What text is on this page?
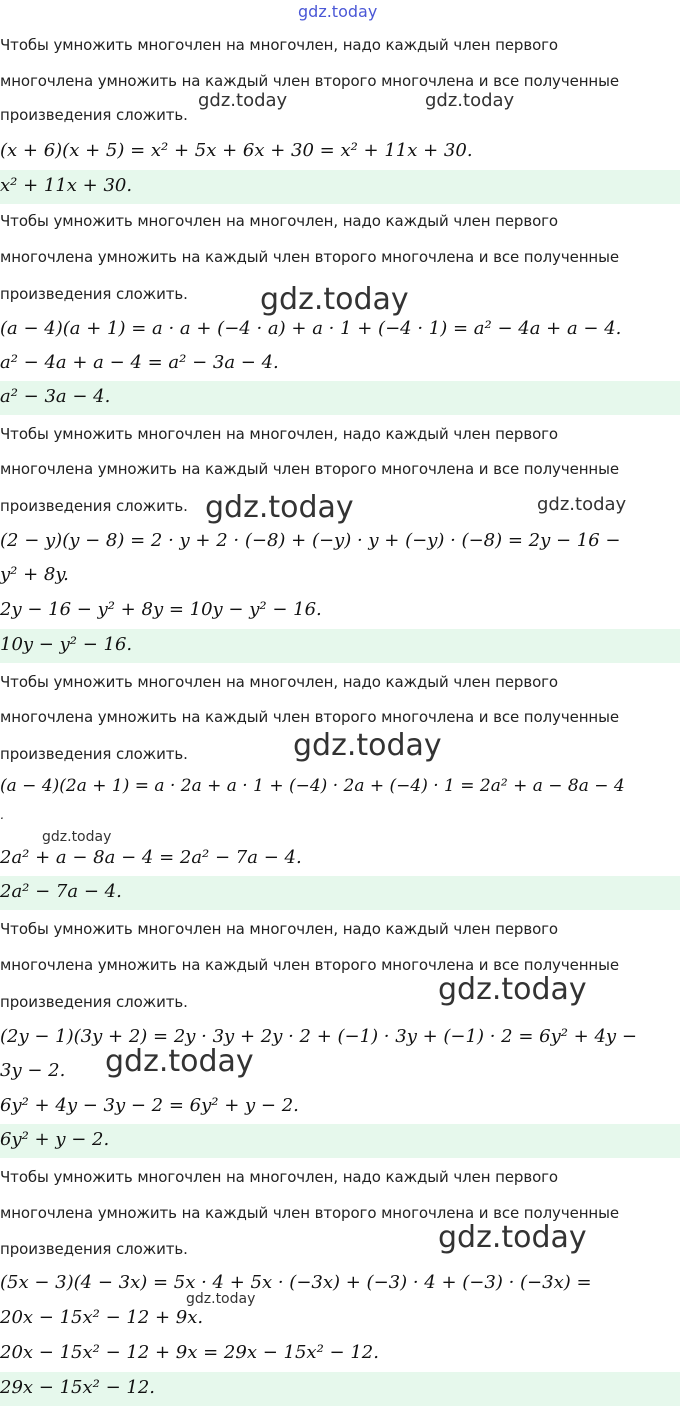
gdz.today

Чтобы умножить многочлен на многочлен, надо каждый член первого

многочлена умножить на каждый член второго многочлена и все полученные

произведения сложить.

gdz.today	gdz.today

(x + 6)(x + 5) = x² + 5x + 6x + 30 = x² + 11x + 30.

x² + 11x + 30.

Чтобы умножить многочлен на многочлен, надо каждый член первого

многочлена умножить на каждый член второго многочлена и все полученные

произведения сложить. gdz.today

(a − 4)(a + 1) = a · a + (−4 · a) + a · 1 + (−4 · 1) = a² − 4a + a − 4.

a² − 4a + a − 4 = a² − 3a − 4.

a² − 3a − 4.

Чтобы умножить многочлен на многочлен, надо каждый член первого

многочлена умножить на каждый член второго многочлена и все полученные

произведения сложить. gdz.today	gdz.today

(2 − y)(y − 8) = 2 · y + 2 · (−8) + (−y) · y + (−y) · (−8) = 2y − 16 −

y² + 8y.

2y − 16 − y² + 8y = 10y − y² − 16.

10y − y² − 16.

Чтобы умножить многочлен на многочлен, надо каждый член первого

многочлена умножить на каждый член второго многочлена и все полученные

произведения сложить.	gdz.today

(a − 4)(2a + 1) = a · 2a + a · 1 + (−4) · 2a + (−4) · 1 = 2a² + a − 8a − 4

.

gdz.today

2a² + a − 8a − 4 = 2a² − 7a − 4.

2a² − 7a − 4.

Чтобы умножить многочлен на многочлен, надо каждый член первого

многочлена умножить на каждый член второго многочлена и все полученные

произведения сложить.	gdz.today

(2y − 1)(3y + 2) = 2y · 3y + 2y · 2 + (−1) · 3y + (−1) · 2 = 6y² + 4y −

3y − 2. gdz.today

6y² + 4y − 3y − 2 = 6y² + y − 2.

6y² + y − 2.

Чтобы умножить многочлен на многочлен, надо каждый член первого

многочлена умножить на каждый член второго многочлена и все полученные

произведения сложить.	gdz.today

(5x − 3)(4 − 3x) = 5x · 4 + 5x · (−3x) + (−3) · 4 + (−3) · (−3x) =

gdz.today

20x − 15x² − 12 + 9x.

20x − 15x² − 12 + 9x = 29x − 15x² − 12.

29x − 15x² − 12.
